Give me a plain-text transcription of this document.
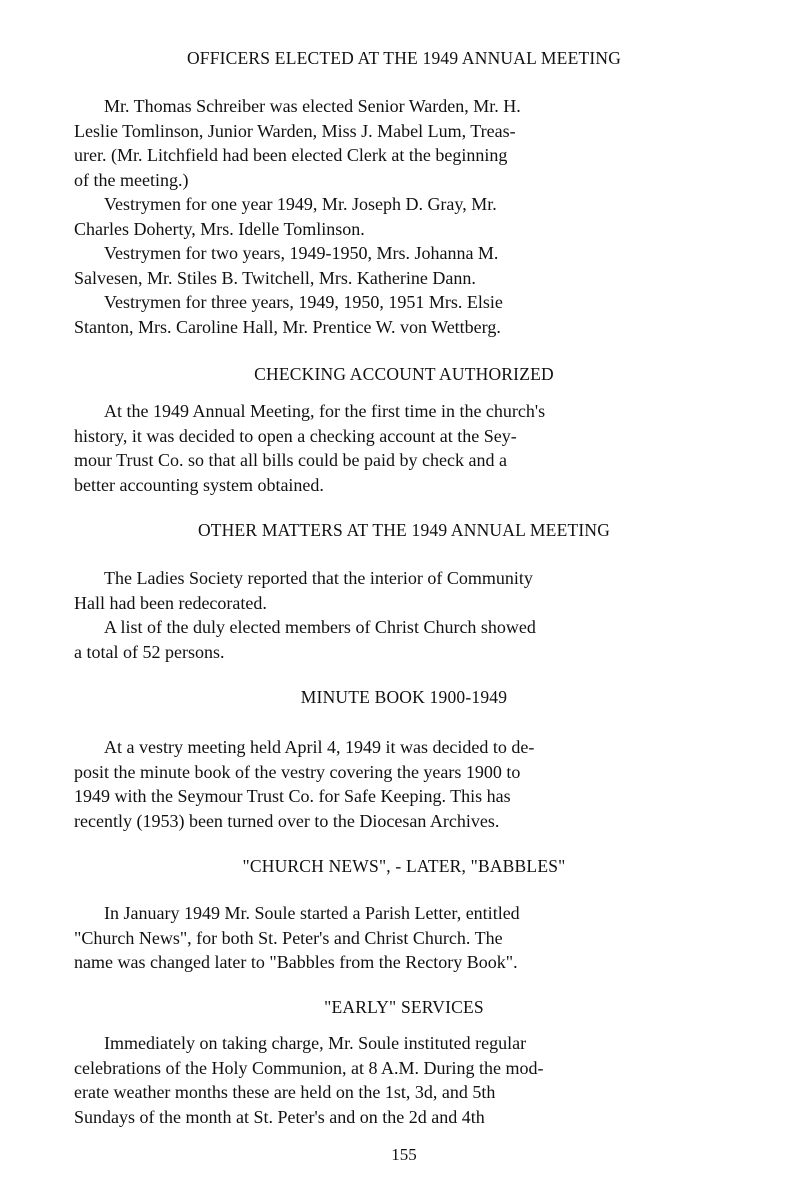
OFFICERS ELECTED AT THE 1949 ANNUAL MEETING
Mr. Thomas Schreiber was elected Senior Warden, Mr. H.
Leslie Tomlinson, Junior Warden, Miss J. Mabel Lum, Treas-
urer. (Mr. Litchfield had been elected Clerk at the beginning
of the meeting.)
Vestrymen for one year 1949, Mr. Joseph D. Gray, Mr.
Charles Doherty, Mrs. Idelle Tomlinson.
Vestrymen for two years, 1949-1950, Mrs. Johanna M.
Salvesen, Mr. Stiles B. Twitchell, Mrs. Katherine Dann.
Vestrymen for three years, 1949, 1950, 1951 Mrs. Elsie
Stanton, Mrs. Caroline Hall, Mr. Prentice W. von Wettberg.
CHECKING ACCOUNT AUTHORIZED
At the 1949 Annual Meeting, for the first time in the church's
history, it was decided to open a checking account at the Sey-
mour Trust Co. so that all bills could be paid by check and a
better accounting system obtained.
OTHER MATTERS AT THE 1949 ANNUAL MEETING
The Ladies Society reported that the interior of Community
Hall had been redecorated.
A list of the duly elected members of Christ Church showed
a total of 52 persons.
MINUTE BOOK 1900-1949
At a vestry meeting held April 4, 1949 it was decided to de-
posit the minute book of the vestry covering the years 1900 to
1949 with the Seymour Trust Co. for Safe Keeping. This has
recently (1953) been turned over to the Diocesan Archives.
"CHURCH NEWS", - LATER, "BABBLES"
In January 1949 Mr. Soule started a Parish Letter, entitled
"Church News", for both St. Peter's and Christ Church. The
name was changed later to "Babbles from the Rectory Book".
"EARLY" SERVICES
Immediately on taking charge, Mr. Soule instituted regular
celebrations of the Holy Communion, at 8 A.M. During the mod-
erate weather months these are held on the 1st, 3d, and 5th
Sundays of the month at St. Peter's and on the 2d and 4th
155
